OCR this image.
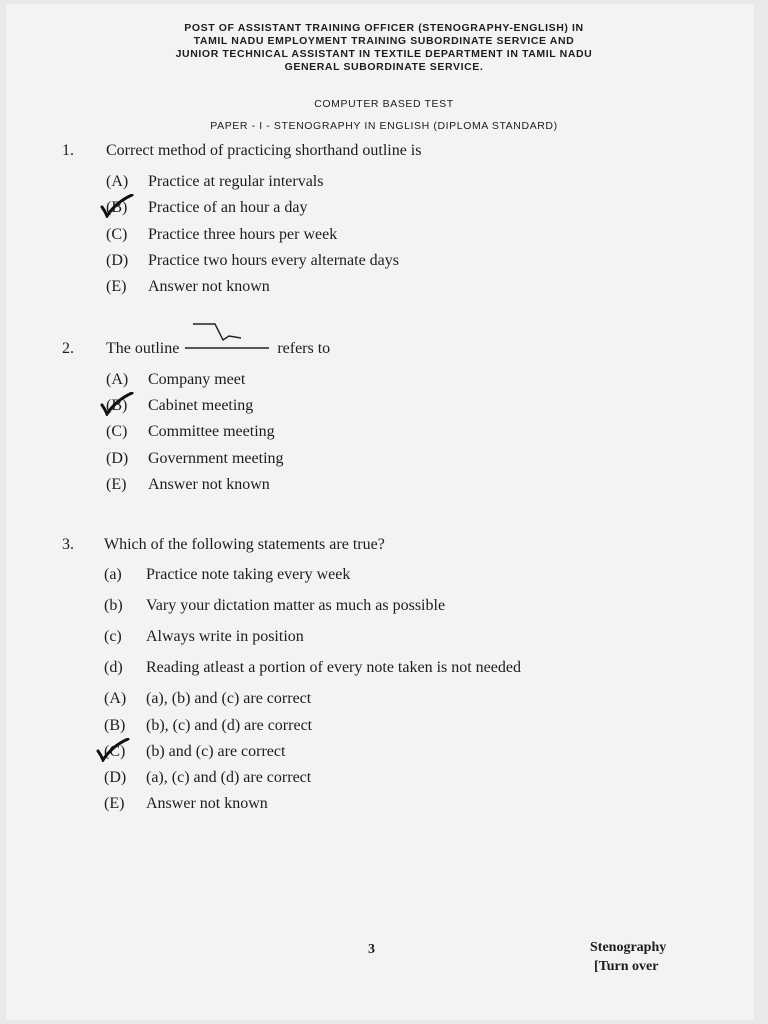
POST OF ASSISTANT TRAINING OFFICER (STENOGRAPHY-ENGLISH) IN
TAMIL NADU EMPLOYMENT TRAINING SUBORDINATE SERVICE AND
JUNIOR TECHNICAL ASSISTANT IN TEXTILE DEPARTMENT IN TAMIL NADU
GENERAL SUBORDINATE SERVICE.
COMPUTER BASED TEST
PAPER - I - STENOGRAPHY IN ENGLISH (DIPLOMA STANDARD)
1. Correct method of practicing shorthand outline is
(A) Practice at regular intervals
(B) Practice of an hour a day
(C) Practice three hours per week
(D) Practice two hours every alternate days
(E) Answer not known
2. The outline	refers to
(A) Company meet
(B) Cabinet meeting
(C) Committee meeting
(D) Government meeting
(E) Answer not known
3. Which of the following statements are true?
(a) Practice note taking every week
(b) Vary your dictation matter as much as possible
(c) Always write in position
(d) Reading atleast a portion of every note taken is not needed
(A) (a), (b) and (c) are correct
(B) (b), (c) and (d) are correct
(C) (b) and (c) are correct
(D) (a), (c) and (d) are correct
(E) Answer not known
3	Stenography
[Turn over
